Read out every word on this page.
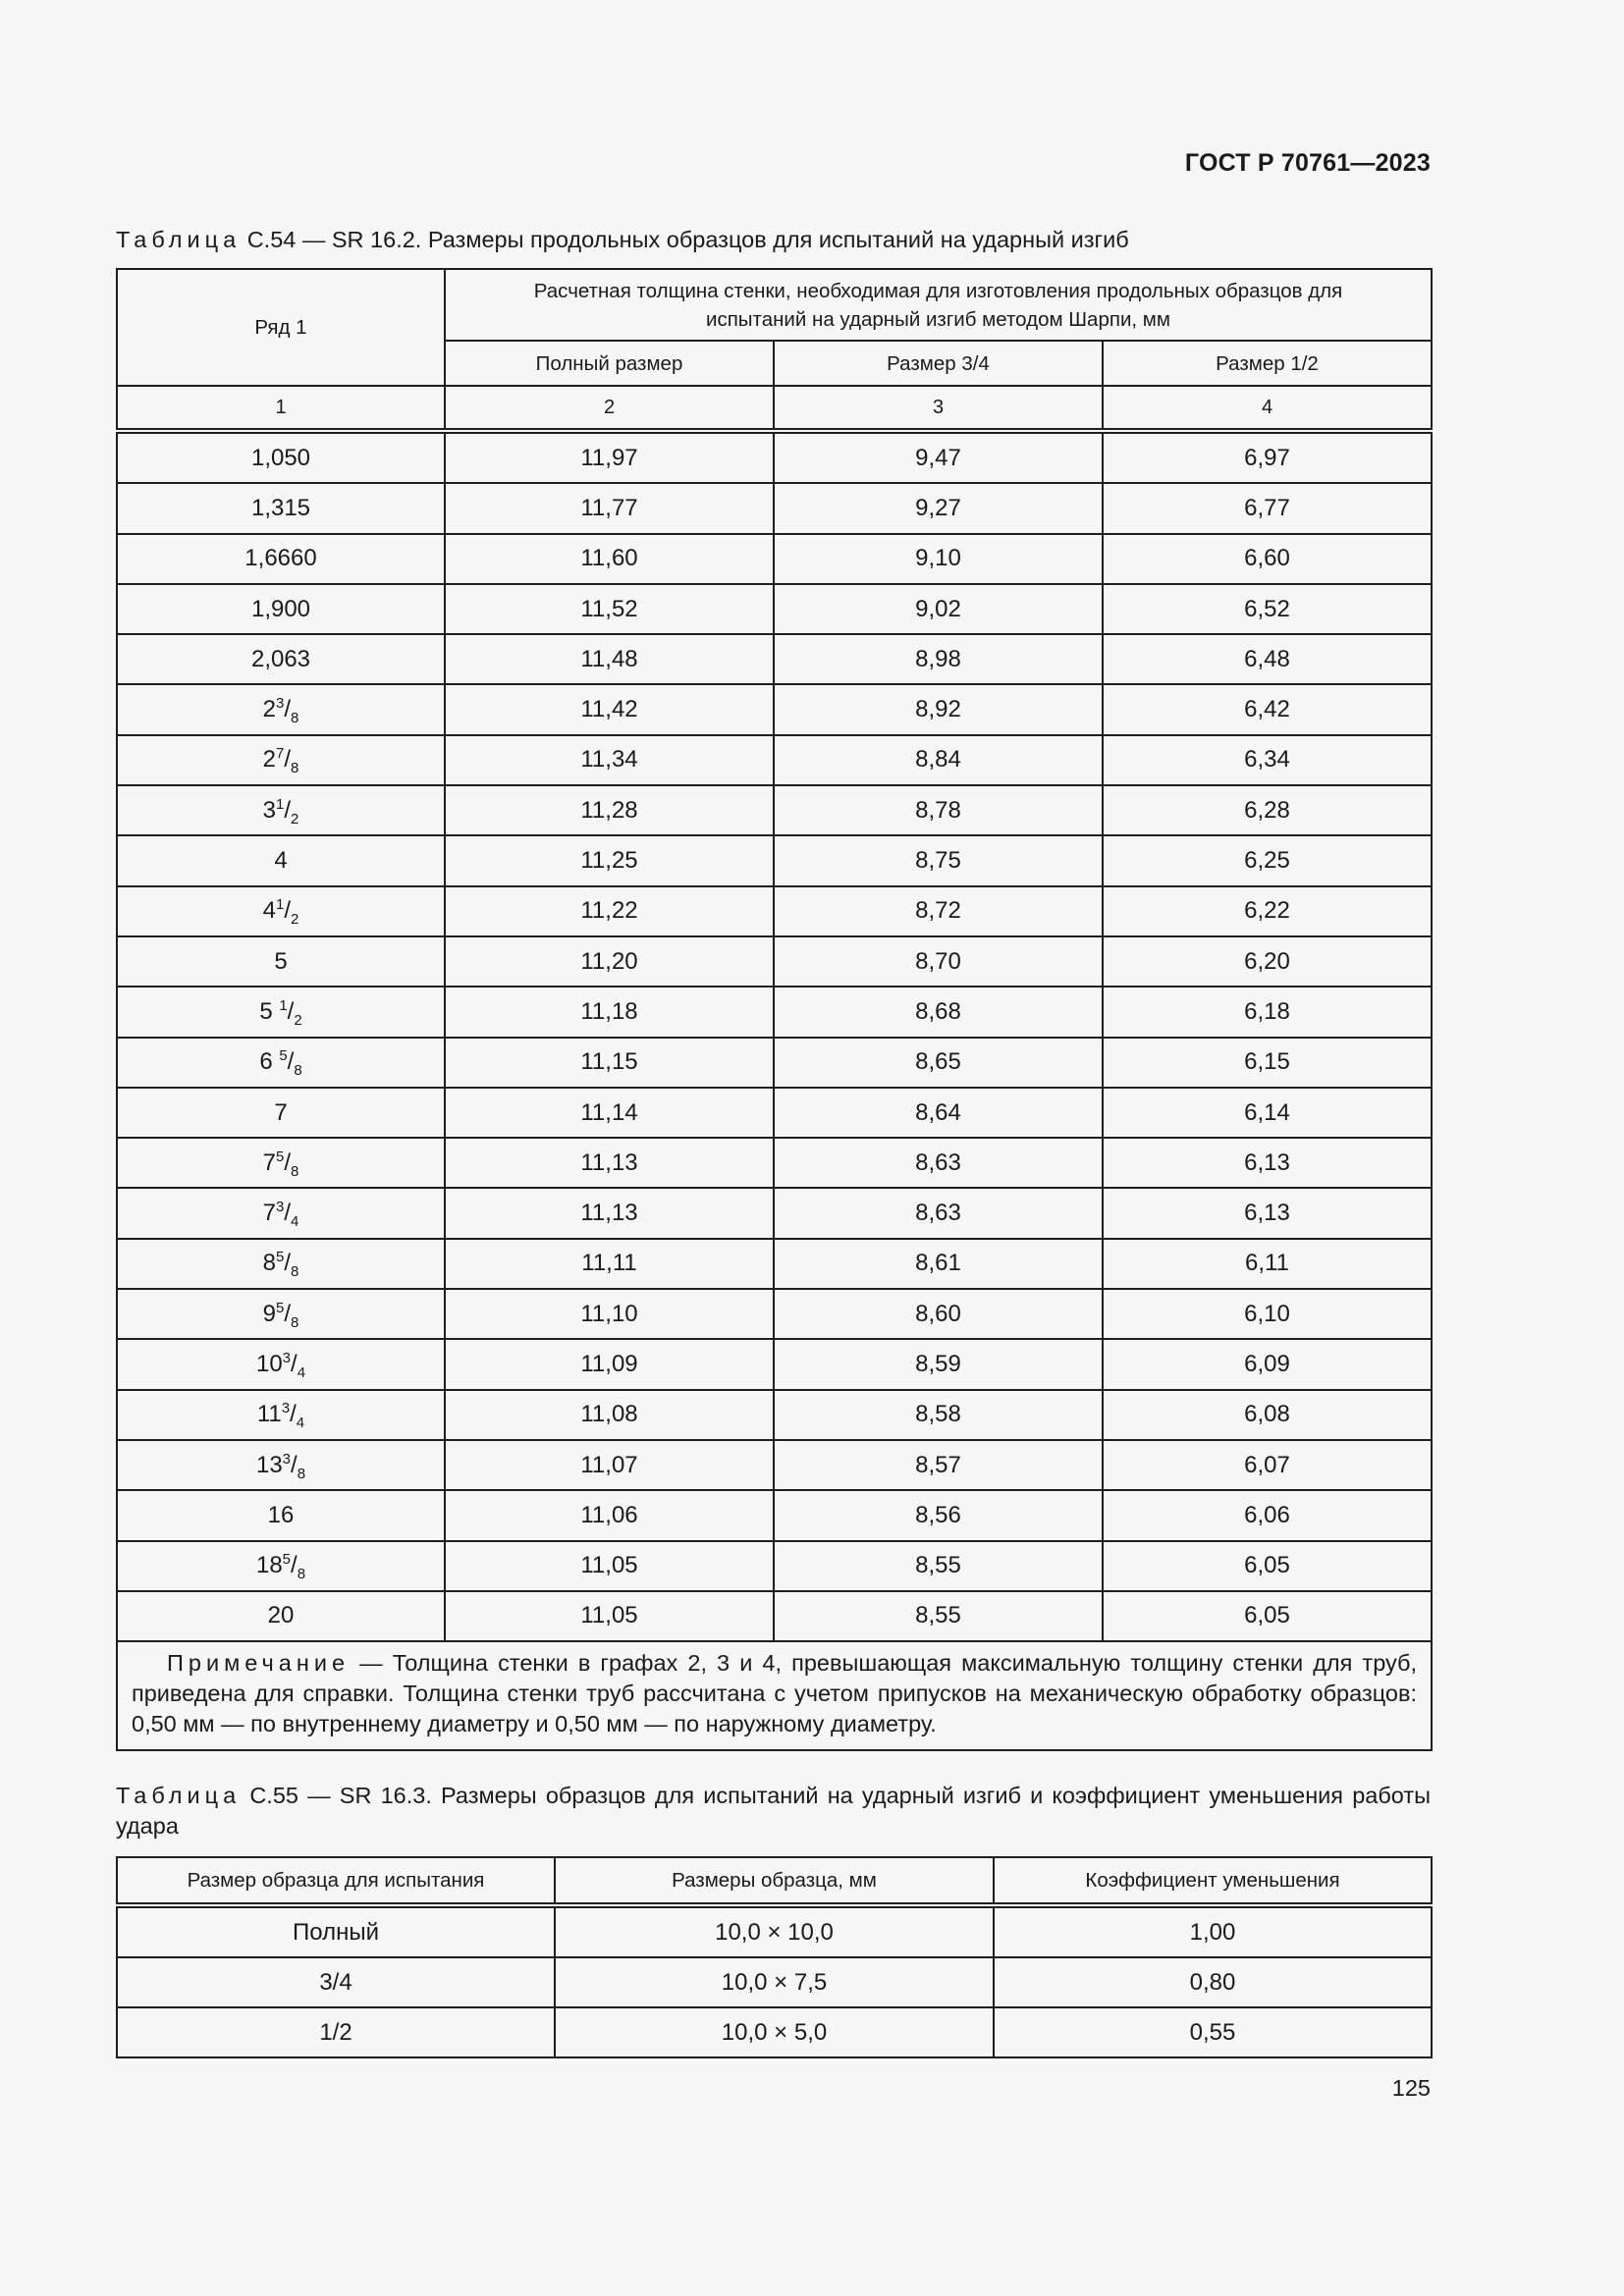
ГОСТ Р 70761—2023
Таблица С.54 — SR 16.2. Размеры продольных образцов для испытаний на ударный изгиб
Ряд 1	Расчетная толщина стенки, необходимая для изготовления продольных образцов для испытаний на ударный изгиб методом Шарпи, мм		
	Полный размер	Размер 3/4	Размер 1/2
1	2	3	4
1,050	11,97	9,47	6,97
1,315	11,77	9,27	6,77
1,6660	11,60	9,10	6,60
1,900	11,52	9,02	6,52
2,063	11,48	8,98	6,48
$2^3/_8$	11,42	8,92	6,42
$2^7/_8$	11,34	8,84	6,34
$3^1/_2$	11,28	8,78	6,28
4	11,25	8,75	6,25
$4^1/_2$	11,22	8,72	6,22
5	11,20	8,70	6,20
5 $^1/_2$	11,18	8,68	6,18
6 $^5/_8$	11,15	8,65	6,15
7	11,14	8,64	6,14
$7^5/_8$	11,13	8,63	6,13
$7^3/_4$	11,13	8,63	6,13
$8^5/_8$	11,11	8,61	6,11
$9^5/_8$	11,10	8,60	6,10
$10^3/_4$	11,09	8,59	6,09
$11^3/_4$	11,08	8,58	6,08
$13^3/_8$	11,07	8,57	6,07
16	11,06	8,56	6,06
$18^5/_8$	11,05	8,55	6,05
20	11,05	8,55	6,05
Примечание — Толщина стенки в графах 2, 3 и 4, превышающая максимальную толщину стенки для труб, приведена для справки. Толщина стенки труб рассчитана с учетом припусков на механическую обработку образцов: 0,50 мм — по внутреннему диаметру и 0,50 мм — по наружному диаметру.			
Таблица С.55 — SR 16.3. Размеры образцов для испытаний на ударный изгиб и коэффициент уменьшения работы удара
Размер образца для испытания	Размеры образца, мм	Коэффициент уменьшения
Полный	10,0 × 10,0	1,00
3/4	10,0 × 7,5	0,80
1/2	10,0 × 5,0	0,55
125
